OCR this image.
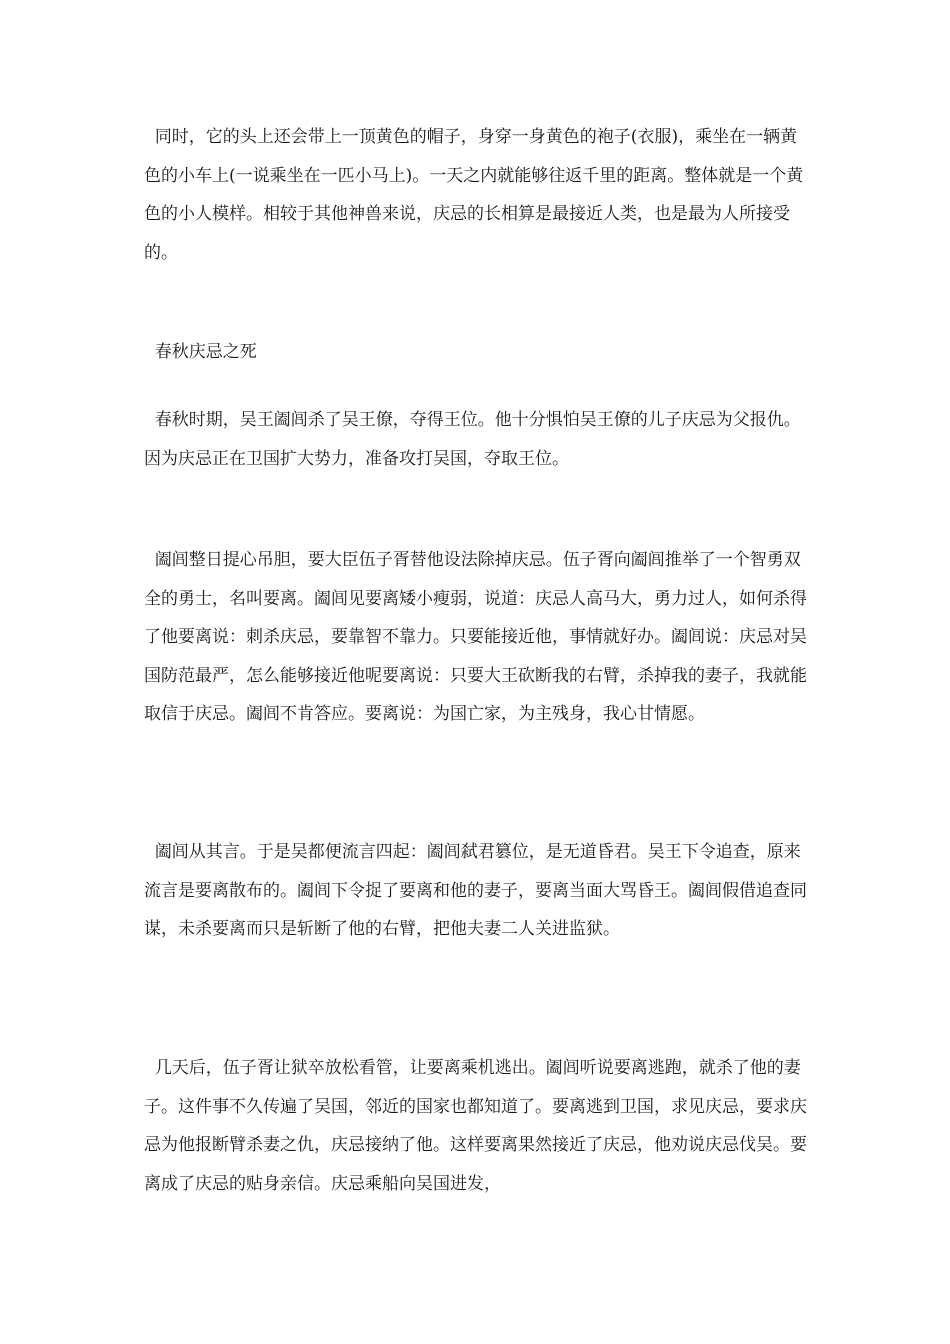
同时，它的头上还会带上一顶黄色的帽子，身穿一身黄色的袍子(衣服)，乘坐在一辆黄色的小车上(一说乘坐在一匹小马上)。一天之内就能够往返千里的距离。整体就是一个黄色的小人模样。相较于其他神兽来说，庆忌的长相算是最接近人类，也是最为人所接受的。

春秋庆忌之死

春秋时期，吴王阖闾杀了吴王僚，夺得王位。他十分惧怕吴王僚的儿子庆忌为父报仇。因为庆忌正在卫国扩大势力，准备攻打吴国，夺取王位。

阖闾整日提心吊胆，要大臣伍子胥替他设法除掉庆忌。伍子胥向阖闾推举了一个智勇双全的勇士，名叫要离。阖闾见要离矮小瘦弱，说道：庆忌人高马大，勇力过人，如何杀得了他要离说：刺杀庆忌，要靠智不靠力。只要能接近他，事情就好办。阖闾说：庆忌对吴国防范最严，怎么能够接近他呢要离说：只要大王砍断我的右臂，杀掉我的妻子，我就能取信于庆忌。阖闾不肯答应。要离说：为国亡家，为主残身，我心甘情愿。

阖闾从其言。于是吴都便流言四起：阖闾弑君篡位，是无道昏君。吴王下令追查，原来流言是要离散布的。阖闾下令捉了要离和他的妻子，要离当面大骂昏王。阖闾假借追查同谋，未杀要离而只是斩断了他的右臂，把他夫妻二人关进监狱。

几天后，伍子胥让狱卒放松看管，让要离乘机逃出。阖闾听说要离逃跑，就杀了他的妻子。这件事不久传遍了吴国，邻近的国家也都知道了。要离逃到卫国，求见庆忌，要求庆忌为他报断臂杀妻之仇，庆忌接纳了他。这样要离果然接近了庆忌，他劝说庆忌伐吴。要离成了庆忌的贴身亲信。庆忌乘船向吴国进发，
